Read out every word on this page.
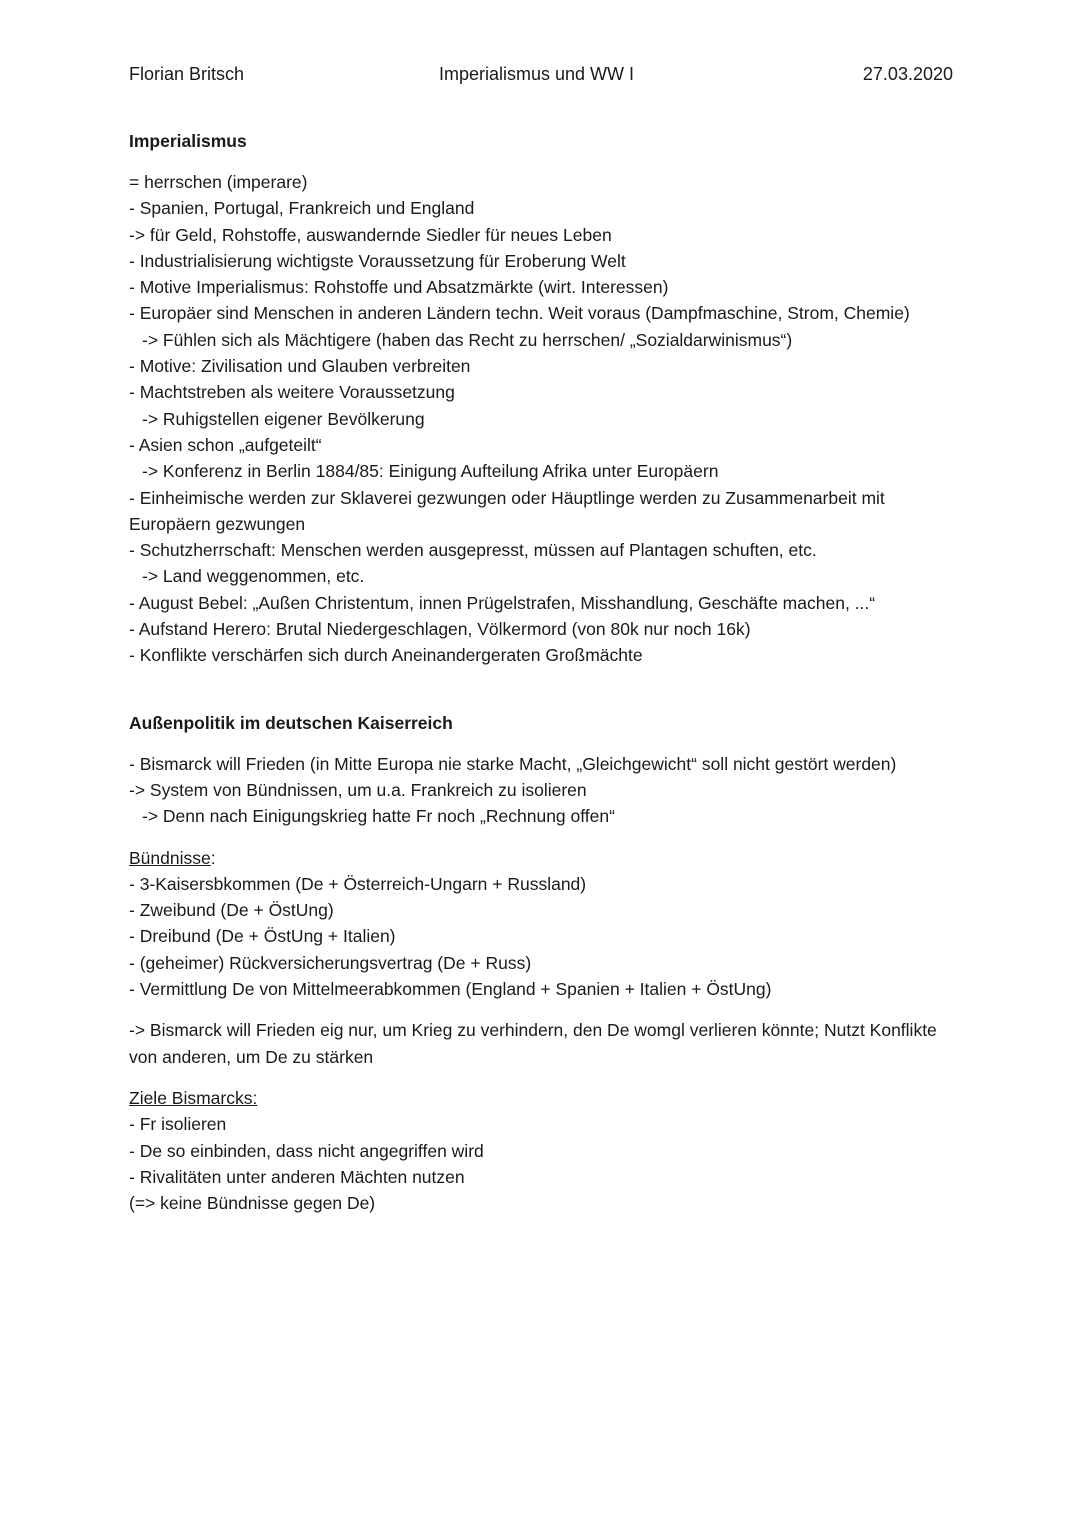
Florian Britsch	Imperialismus und WW I	27.03.2020
Imperialismus
= herrschen (imperare)
- Spanien, Portugal, Frankreich und England
-> für Geld, Rohstoffe, auswandernde Siedler für neues Leben
- Industrialisierung wichtigste Voraussetzung für Eroberung Welt
- Motive Imperialismus: Rohstoffe und Absatzmärkte (wirt. Interessen)
- Europäer sind Menschen in anderen Ländern techn. Weit voraus (Dampfmaschine, Strom, Chemie)
-> Fühlen sich als Mächtigere (haben das Recht zu herrschen/ „Sozialdarwinismus“)
- Motive: Zivilisation und Glauben verbreiten
- Machtstreben als weitere Voraussetzung
-> Ruhigstellen eigener Bevölkerung
- Asien schon „aufgeteilt“
-> Konferenz in Berlin 1884/85: Einigung Aufteilung Afrika unter Europäern
- Einheimische werden zur Sklaverei gezwungen oder Häuptlinge werden zu Zusammenarbeit mit Europäern gezwungen
- Schutzherrschaft: Menschen werden ausgepresst, müssen auf Plantagen schuften, etc.
-> Land weggenommen, etc.
- August Bebel: „Außen Christentum, innen Prügelstrafen, Misshandlung, Geschäfte machen, ...“
- Aufstand Herero: Brutal Niedergeschlagen, Völkermord (von 80k nur noch 16k)
- Konflikte verschärfen sich durch Aneinandergeraten Großmächte
Außenpolitik im deutschen Kaiserreich
- Bismarck will Frieden (in Mitte Europa nie starke Macht, „Gleichgewicht“ soll nicht gestört werden)
-> System von Bündnissen, um u.a. Frankreich zu isolieren
-> Denn nach Einigungskrieg hatte Fr noch „Rechnung offen“
Bündnisse:
- 3-Kaisersbkommen (De + Österreich-Ungarn + Russland)
- Zweibund (De + ÖstUng)
- Dreibund (De + ÖstUng + Italien)
- (geheimer) Rückversicherungsvertrag (De + Russ)
- Vermittlung De von Mittelmeerabkommen (England + Spanien + Italien + ÖstUng)
-> Bismarck will Frieden eig nur, um Krieg zu verhindern, den De womgl verlieren könnte; Nutzt Konflikte von anderen, um De zu stärken
Ziele Bismarcks:
- Fr isolieren
- De so einbinden, dass nicht angegriffen wird
- Rivalitäten unter anderen Mächten nutzen
(=> keine Bündnisse gegen De)
